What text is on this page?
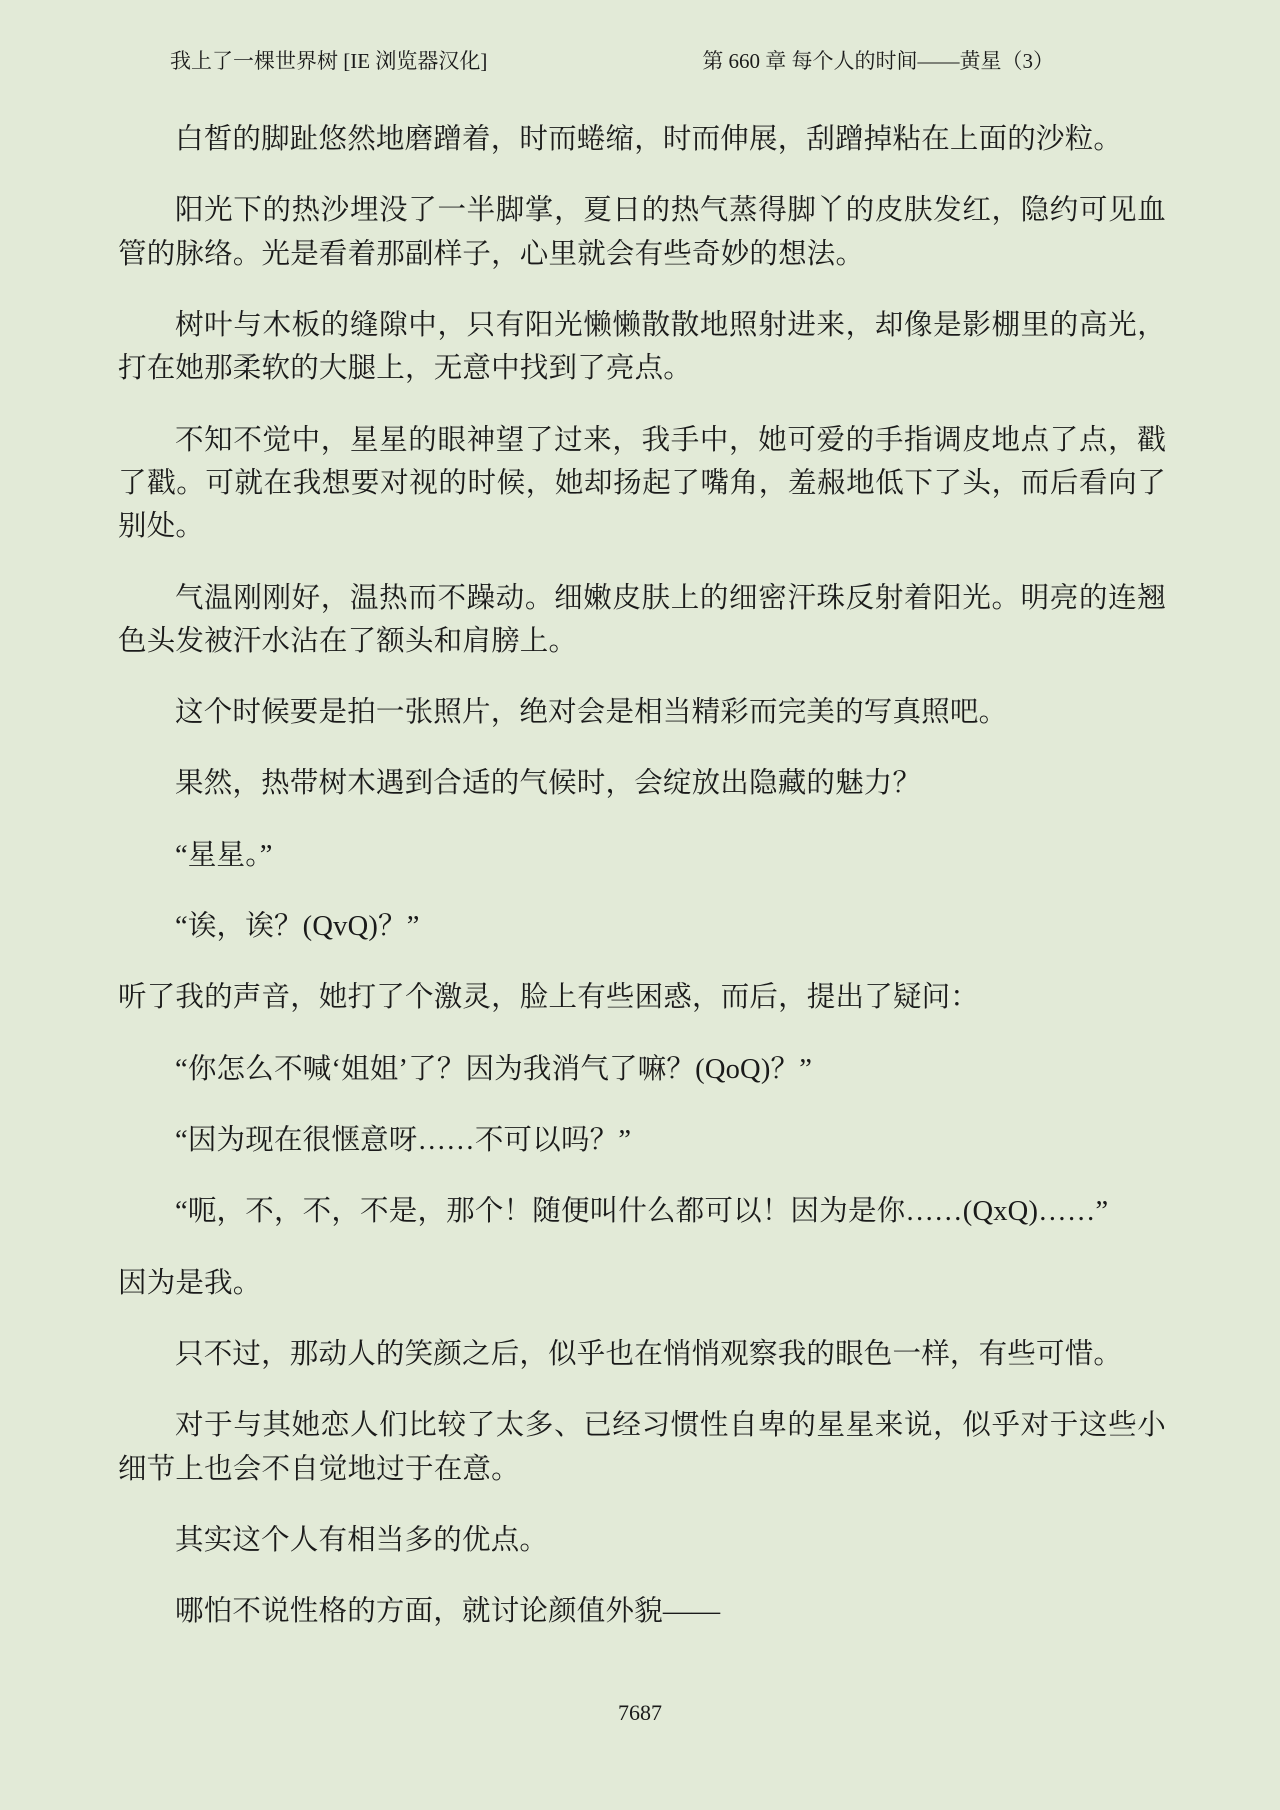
我上了一棵世界树 [IE 浏览器汉化]	第 660 章 每个人的时间——黄星（3）

白皙的脚趾悠然地磨蹭着，时而蜷缩，时而伸展，刮蹭掉粘在上面的沙粒。

阳光下的热沙埋没了一半脚掌，夏日的热气蒸得脚丫的皮肤发红，隐约可见血管的脉络。光是看着那副样子，心里就会有些奇妙的想法。

树叶与木板的缝隙中，只有阳光懒懒散散地照射进来，却像是影棚里的高光，打在她那柔软的大腿上，无意中找到了亮点。

不知不觉中，星星的眼神望了过来，我手中，她可爱的手指调皮地点了点，戳了戳。可就在我想要对视的时候，她却扬起了嘴角，羞赧地低下了头，而后看向了别处。

气温刚刚好，温热而不躁动。细嫩皮肤上的细密汗珠反射着阳光。明亮的连翘色头发被汗水沾在了额头和肩膀上。

这个时候要是拍一张照片，绝对会是相当精彩而完美的写真照吧。

果然，热带树木遇到合适的气候时，会绽放出隐藏的魅力？

“星星。”

“诶，诶？(QvQ)？”

听了我的声音，她打了个激灵，脸上有些困惑，而后，提出了疑问：

“你怎么不喊‘姐姐’了？因为我消气了嘛？(QoQ)？”

“因为现在很惬意呀……不可以吗？”

“呃，不，不，不是，那个！随便叫什么都可以！因为是你……(QxQ)……”

因为是我。

只不过，那动人的笑颜之后，似乎也在悄悄观察我的眼色一样，有些可惜。

对于与其她恋人们比较了太多、已经习惯性自卑的星星来说，似乎对于这些小细节上也会不自觉地过于在意。

其实这个人有相当多的优点。

哪怕不说性格的方面，就讨论颜值外貌——

7687
